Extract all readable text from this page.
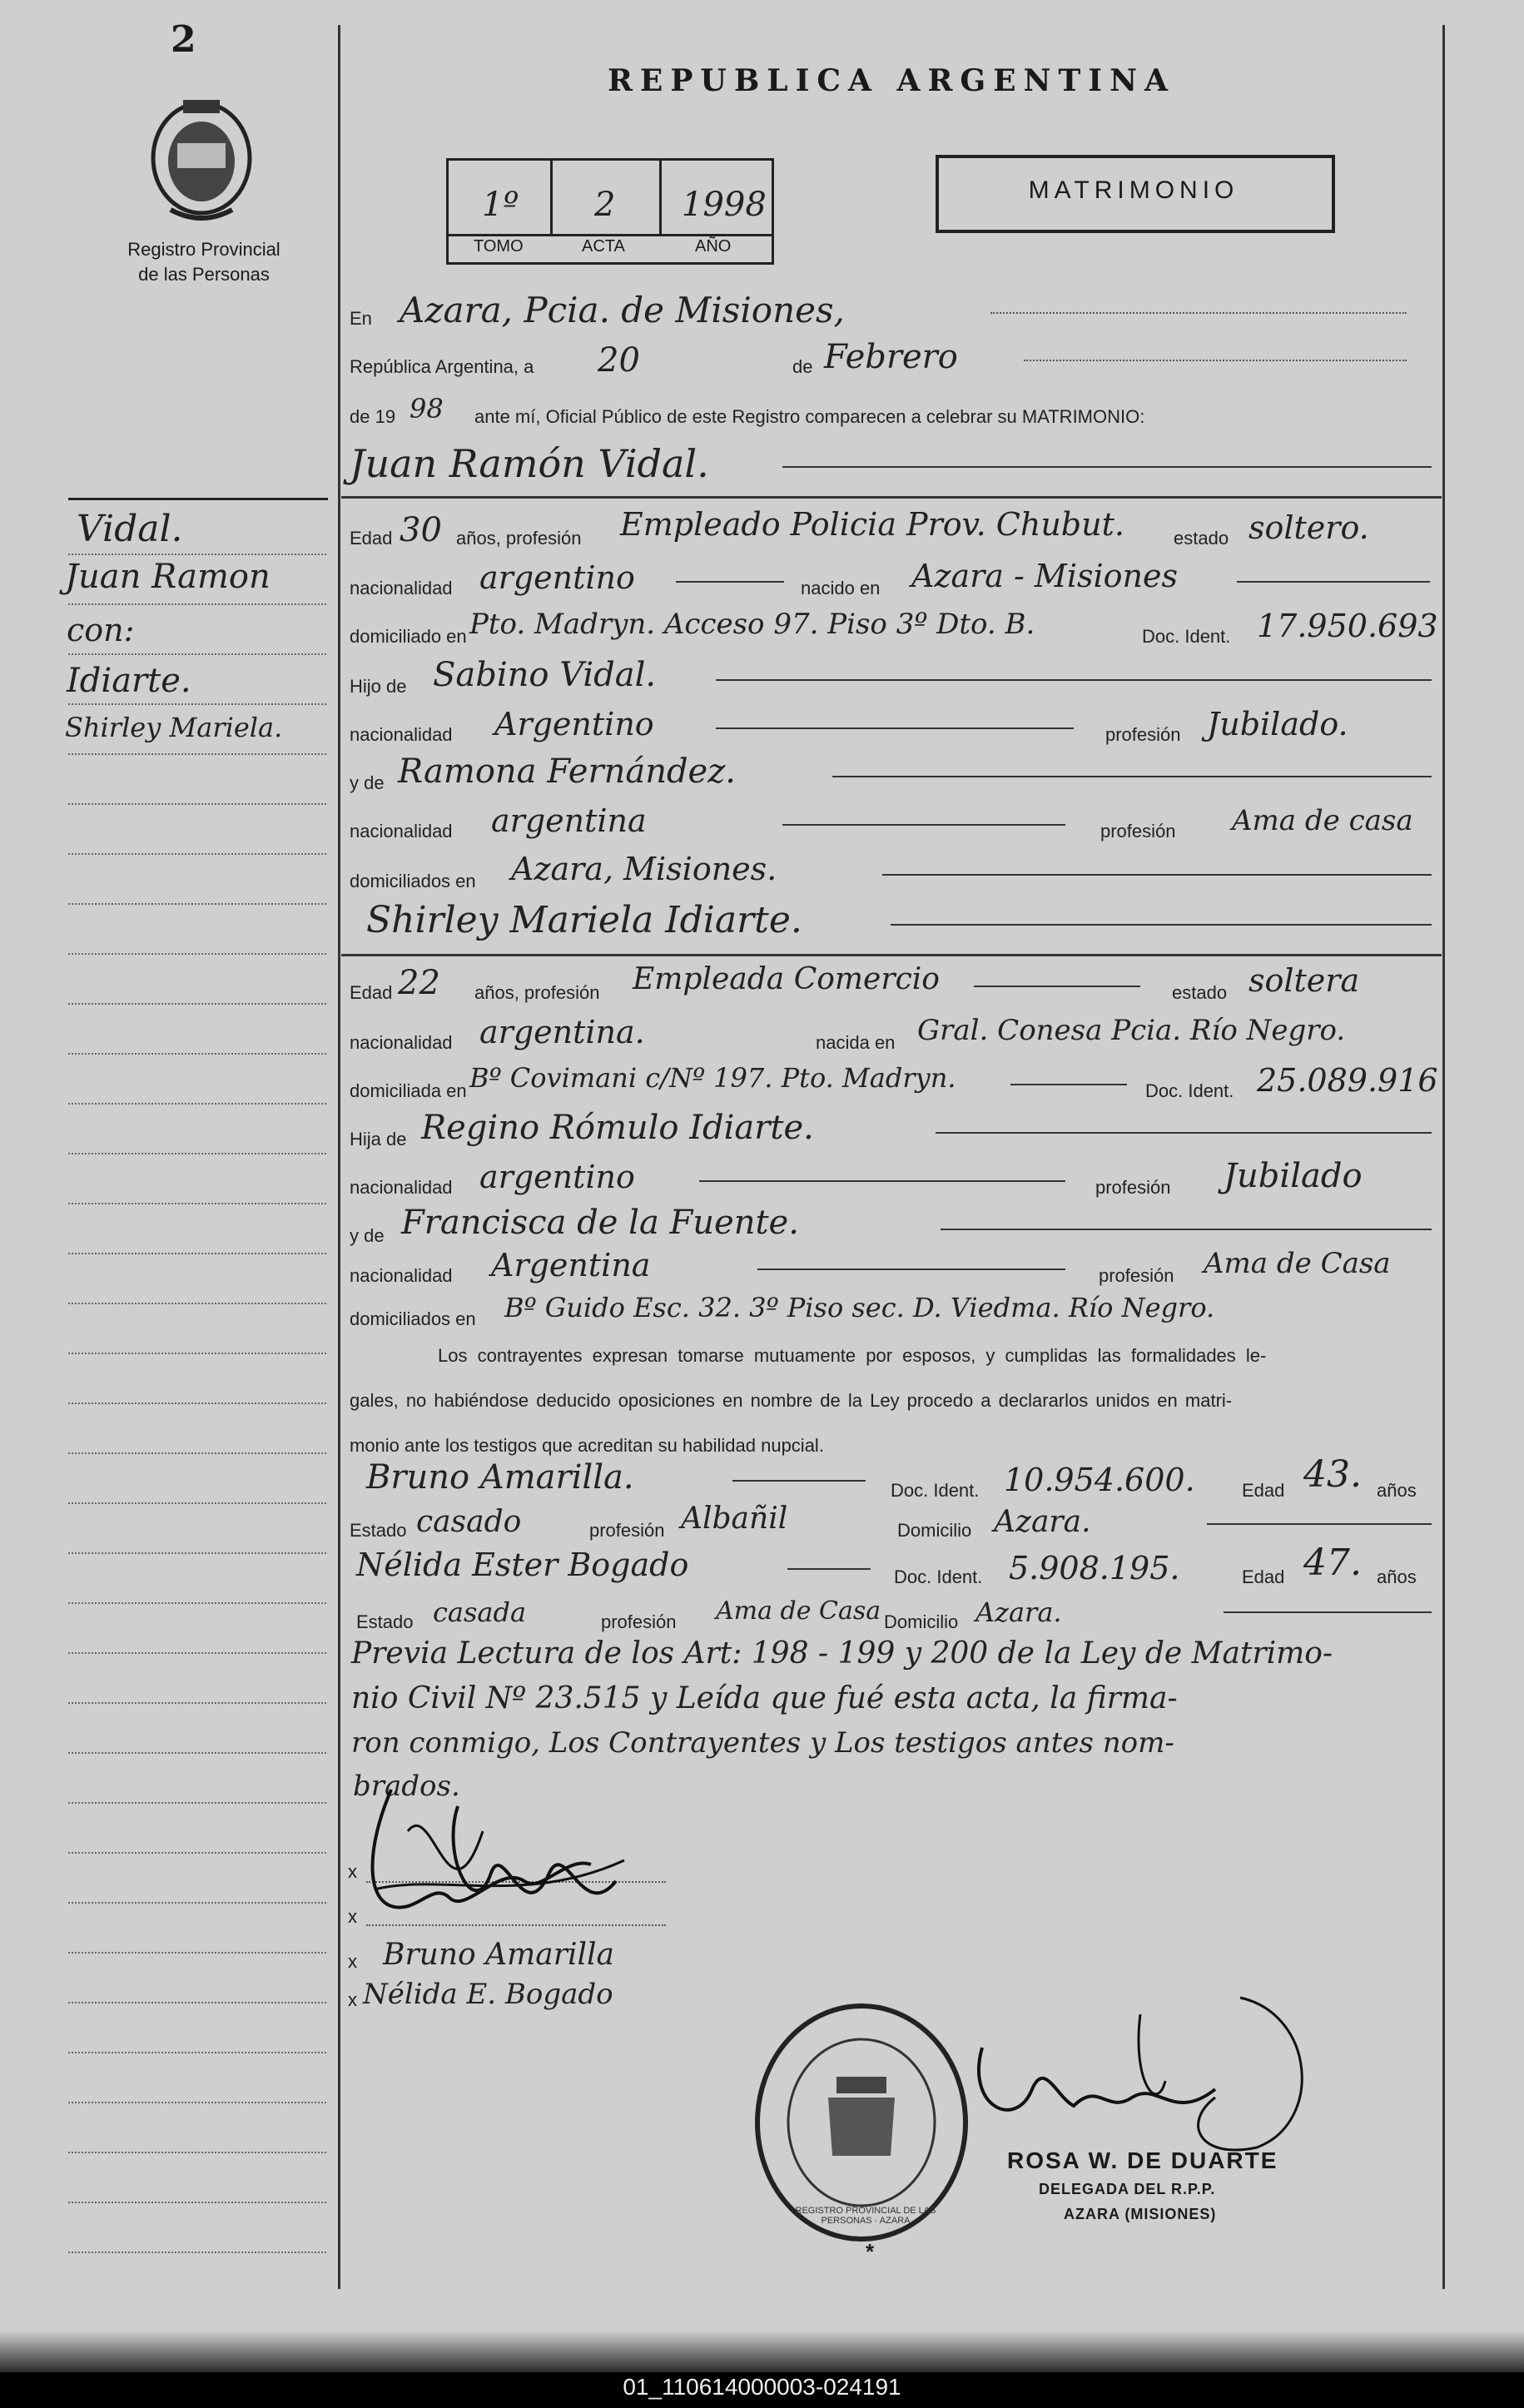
2
Registro Provincial
de las Personas
REPUBLICA ARGENTINA
1º 2 1998
TOMO	ACTA	AÑO
MATRIMONIO
Vidal.
Juan Ramon
con:
Idiarte.
Shirley Mariela.
En Azara, Pcia. de Misiones,
República Argentina, a 20	de Febrero
de 19 98 ante mí, Oficial Público de este Registro comparecen a celebrar su MATRIMONIO:
Juan Ramón Vidal.
Edad 30 años, profesión Empleado Policia Prov. Chubut.	estado soltero.
nacionalidad argentino	nacido en Azara - Misiones
domiciliado en Pto. Madryn. Acceso 97. Piso 3º Dto. B.	Doc. Ident. 17.950.693
Hijo de Sabino Vidal.
nacionalidad Argentino	profesión Jubilado.
y de Ramona Fernández.
nacionalidad argentina	profesión Ama de casa
domiciliados en Azara, Misiones.
Shirley Mariela Idiarte.
Edad 22 años, profesión Empleada Comercio	estado soltera
nacionalidad argentina.	nacida en Gral. Conesa Pcia. Río Negro.
domiciliada en Bº Covimani c/Nº 197. Pto. Madryn.	Doc. Ident. 25.089.916
Hija de Regino Rómulo Idiarte.
nacionalidad argentino	profesión Jubilado
y de Francisca de la Fuente.
nacionalidad Argentina	profesión Ama de Casa
domiciliados en Bº Guido Esc. 32. 3º Piso sec. D. Viedma. Río Negro.
Los contrayentes expresan tomarse mutuamente por esposos, y cumplidas las formalidades le-
gales, no habiéndose deducido oposiciones en nombre de la Ley procedo a declararlos unidos en matri-
monio ante los testigos que acreditan su habilidad nupcial.
Bruno Amarilla.	Doc. Ident. 10.954.600.	Edad 43. años
Estado casado	profesión Albañil	Domicilio Azara.
Nélida Ester Bogado	Doc. Ident. 5.908.195.	Edad 47. años
Estado casada	profesión Ama de Casa Domicilio Azara.
Previa Lectura de los Art: 198 - 199 y 200 de la Ley de Matrimo-
nio Civil Nº 23.515 y Leída que fué esta acta, la firma-
ron conmigo, Los Contrayentes y Los testigos antes nom-
brados.
x
x
x
x
Bruno Amarilla
Nélida E. Bogado
REGISTRO PROVINCIAL DE LAS PERSONAS · AZARA
ROSA W. DE DUARTE
DELEGADA DEL R.P.P.
AZARA (MISIONES)
*
01_110614000003-024191
